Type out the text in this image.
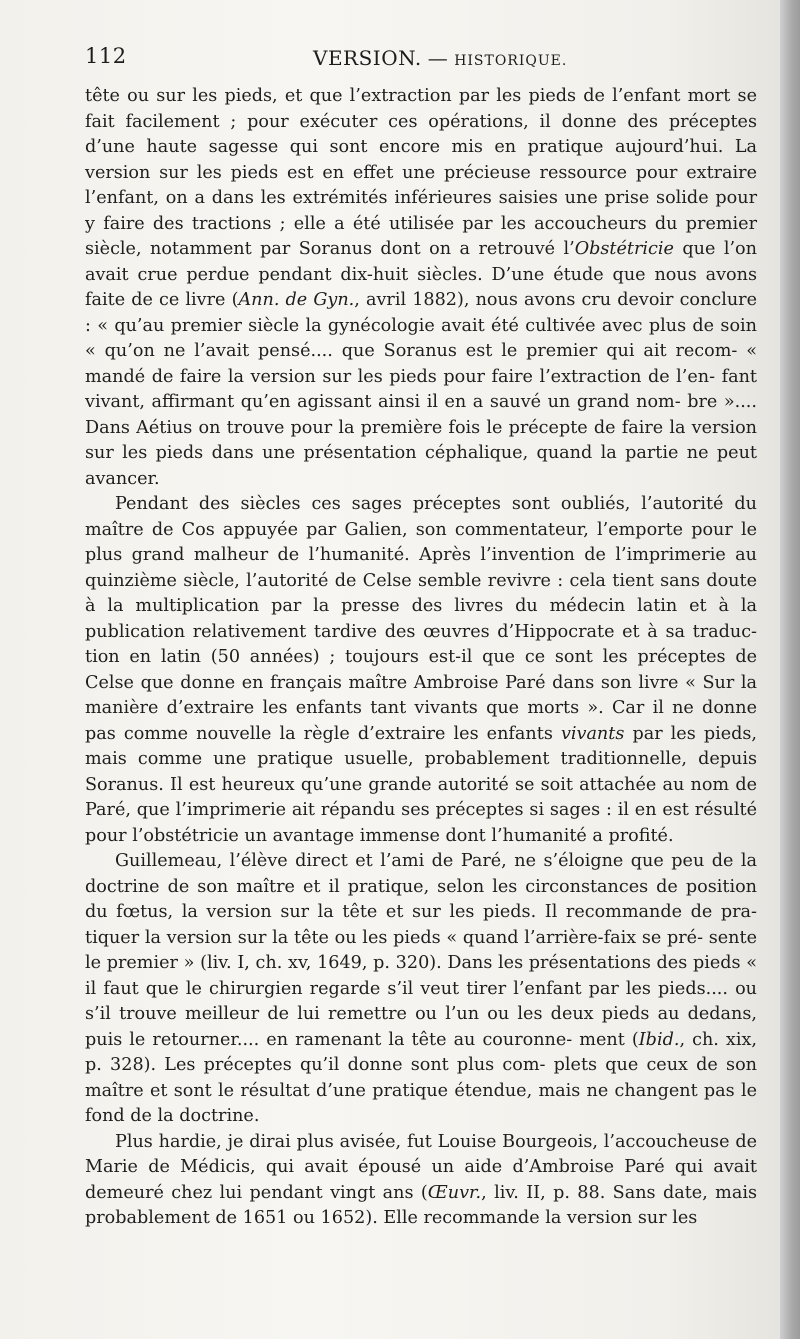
112	VERSION. — HISTORIQUE.

tête ou sur les pieds, et que l’extraction par les pieds de l’enfant mort se fait facilement ; pour exécuter ces opérations, il donne des préceptes d’une haute sagesse qui sont encore mis en pratique aujourd’hui. La version sur les pieds est en effet une précieuse ressource pour extraire l’enfant, on a dans les extrémités inférieures saisies une prise solide pour y faire des tractions ; elle a été utilisée par les accoucheurs du premier siècle, notamment par Soranus dont on a retrouvé l’Obstétricie que l’on avait crue perdue pendant dix-huit siècles. D’une étude que nous avons faite de ce livre (Ann. de Gyn., avril 1882), nous avons cru devoir conclure : « qu’au premier siècle la gynécologie avait été cultivée avec plus de soin « qu’on ne l’avait pensé.... que Soranus est le premier qui ait recom- « mandé de faire la version sur les pieds pour faire l’extraction de l’en- fant vivant, affirmant qu’en agissant ainsi il en a sauvé un grand nom- bre ».... Dans Aétius on trouve pour la première fois le précepte de faire la version sur les pieds dans une présentation céphalique, quand la partie ne peut avancer.

Pendant des siècles ces sages préceptes sont oubliés, l’autorité du maître de Cos appuyée par Galien, son commentateur, l’emporte pour le plus grand malheur de l’humanité. Après l’invention de l’imprimerie au quinzième siècle, l’autorité de Celse semble revivre : cela tient sans doute à la multiplication par la presse des livres du médecin latin et à la publication relativement tardive des œuvres d’Hippocrate et à sa traduc- tion en latin (50 années) ; toujours est-il que ce sont les préceptes de Celse que donne en français maître Ambroise Paré dans son livre « Sur la manière d’extraire les enfants tant vivants que morts ». Car il ne donne pas comme nouvelle la règle d’extraire les enfants vivants par les pieds, mais comme une pratique usuelle, probablement traditionnelle, depuis Soranus. Il est heureux qu’une grande autorité se soit attachée au nom de Paré, que l’imprimerie ait répandu ses préceptes si sages : il en est résulté pour l’obstétricie un avantage immense dont l’humanité a profité.

Guillemeau, l’élève direct et l’ami de Paré, ne s’éloigne que peu de la doctrine de son maître et il pratique, selon les circonstances de position du fœtus, la version sur la tête et sur les pieds. Il recommande de pra- tiquer la version sur la tête ou les pieds « quand l’arrière-faix se pré- sente le premier » (liv. I, ch. xv, 1649, p. 320). Dans les présentations des pieds « il faut que le chirurgien regarde s’il veut tirer l’enfant par les pieds.... ou s’il trouve meilleur de lui remettre ou l’un ou les deux pieds au dedans, puis le retourner.... en ramenant la tête au couronne- ment (Ibid., ch. xix, p. 328). Les préceptes qu’il donne sont plus com- plets que ceux de son maître et sont le résultat d’une pratique étendue, mais ne changent pas le fond de la doctrine.

Plus hardie, je dirai plus avisée, fut Louise Bourgeois, l’accoucheuse de Marie de Médicis, qui avait épousé un aide d’Ambroise Paré qui avait demeuré chez lui pendant vingt ans (Œuvr., liv. II, p. 88. Sans date, mais probablement de 1651 ou 1652). Elle recommande la version sur les
